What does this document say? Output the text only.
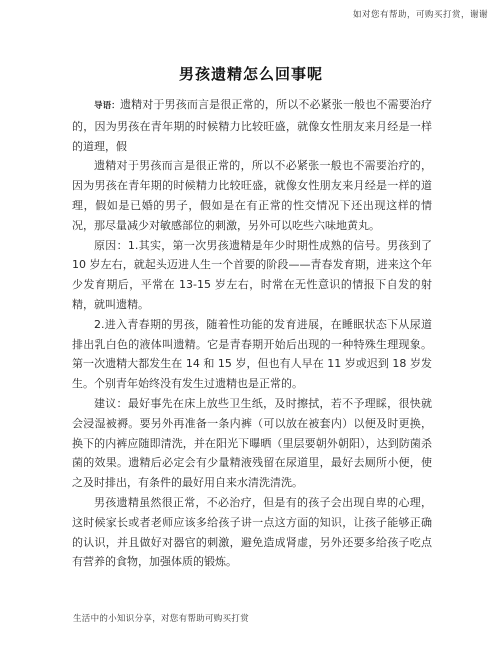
如对您有帮助，可购买打赏，谢谢
男孩遗精怎么回事呢

导语：遗精对于男孩而言是很正常的，所以不必紧张一般也不需要治疗的，因为男孩在青年期的时候精力比较旺盛，就像女性朋友来月经是一样的道理，假

遗精对于男孩而言是很正常的，所以不必紧张一般也不需要治疗的，因为男孩在青年期的时候精力比较旺盛，就像女性朋友来月经是一样的道理，假如是已婚的男子，假如是在有正常的性交情况下还出现这样的情况，那尽量减少对敏感部位的刺激，另外可以吃些六味地黄丸。

原因：1.其实，第一次男孩遗精是年少时期性成熟的信号。男孩到了10 岁左右，就起头迈进人生一个首要的阶段——青春发育期，进来这个年少发育期后，平常在 13-15 岁左右，时常在无性意识的情报下自发的射精，就叫遗精。

2.进入青春期的男孩，随着性功能的发育进展，在睡眠状态下从尿道排出乳白色的液体叫遗精。它是青春期开始后出现的一种特殊生理现象。第一次遗精大都发生在 14 和 15 岁，但也有人早在 11 岁或迟到 18 岁发生。个别青年始终没有发生过遗精也是正常的。

建议：最好事先在床上放些卫生纸，及时擦拭，若不予理睬，很快就会浸湿被褥。要另外再准备一条内裤（可以放在被套内）以便及时更换，换下的内裤应随即清洗，并在阳光下曝晒（里层要朝外朝阳），达到防菌杀菌的效果。遗精后必定会有少量精液残留在尿道里，最好去厕所小便，使之及时排出，有条件的最好用自来水清洗清洗。

男孩遗精虽然很正常，不必治疗，但是有的孩子会出现自卑的心理，这时候家长或者老师应该多给孩子讲一点这方面的知识，让孩子能够正确的认识，并且做好对器官的刺激，避免造成肾虚，另外还要多给孩子吃点有营养的食物，加强体质的锻炼。

生活中的小知识分享，对您有帮助可购买打赏
